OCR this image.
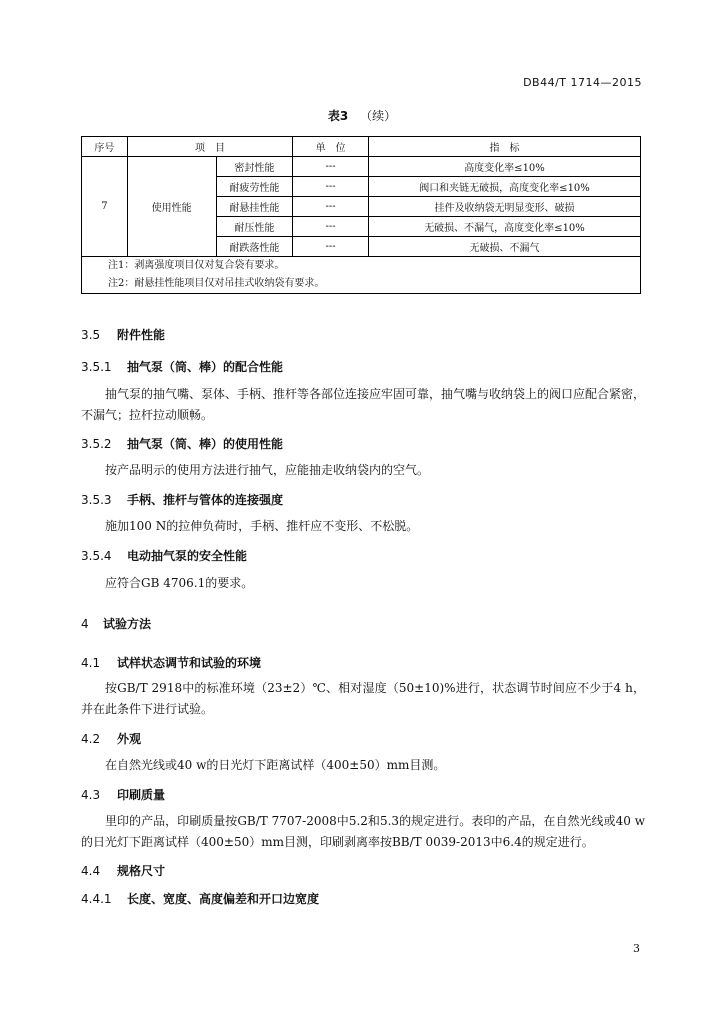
DB44/T 1714—2015
表3 （续）
序号	项　目		单　位	指　标
7	使用性能	密封性能	---	高度变化率≤10%
		耐疲劳性能	---	阀口和夹链无破损，高度变化率≤10%
		耐悬挂性能	---	挂件及收纳袋无明显变形、破损
		耐压性能	---	无破损、不漏气，高度变化率≤10%
		耐跌落性能	---	无破损、不漏气

注1：剥离强度项目仅对复合袋有要求。
注2：耐悬挂性能项目仅对吊挂式收纳袋有要求。				
3.5 附件性能
3.5.1 抽气泵（筒、棒）的配合性能
抽气泵的抽气嘴、泵体、手柄、推杆等各部位连接应牢固可靠，抽气嘴与收纳袋上的阀口应配合紧密，不漏气；拉杆拉动顺畅。
3.5.2 抽气泵（筒、棒）的使用性能
按产品明示的使用方法进行抽气，应能抽走收纳袋内的空气。
3.5.3 手柄、推杆与管体的连接强度
施加100 N的拉伸负荷时，手柄、推杆应不变形、不松脱。
3.5.4 电动抽气泵的安全性能
应符合GB 4706.1的要求。
4 试验方法
4.1 试样状态调节和试验的环境
按GB/T 2918中的标准环境（23±2）℃、相对湿度（50±10)%进行，状态调节时间应不少于4 h，并在此条件下进行试验。
4.2 外观
在自然光线或40 w的日光灯下距离试样（400±50）mm目测。
4.3 印刷质量
里印的产品，印刷质量按GB/T 7707-2008中5.2和5.3的规定进行。表印的产品，在自然光线或40 w的日光灯下距离试样（400±50）mm目测，印刷剥离率按BB/T 0039-2013中6.4的规定进行。
4.4 规格尺寸
4.4.1 长度、宽度、高度偏差和开口边宽度
3
